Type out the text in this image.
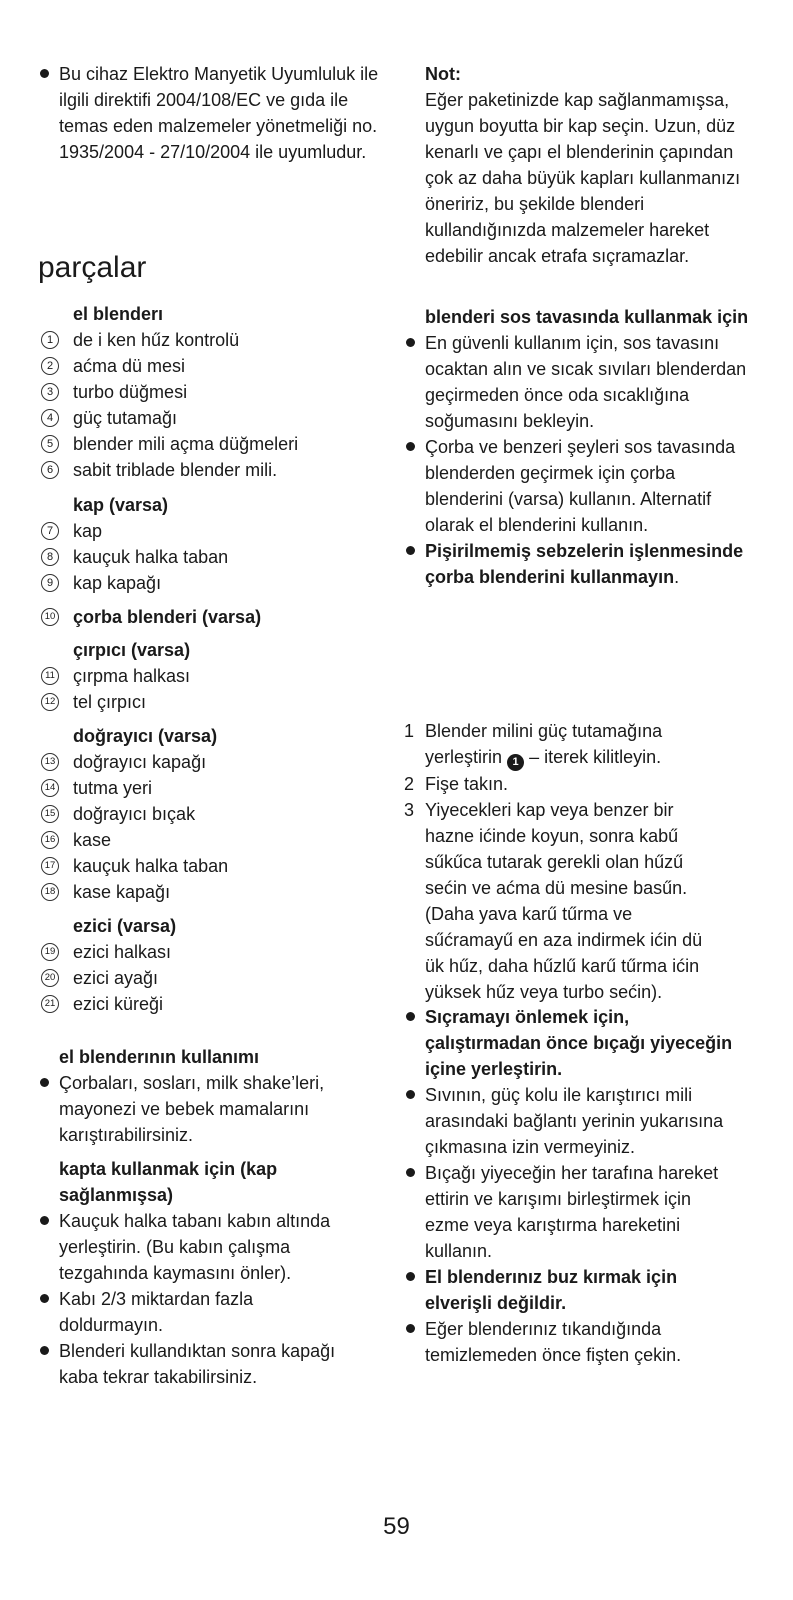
Bu cihaz Elektro Manyetik Uyumluluk ile ilgili direktifi 2004/108/EC ve gıda ile temas eden malzemeler yönetmeliği no. 1935/2004 - 27/10/2004 ile uyumludur.
parçalar
el blenderı
1	de i ken hűz kontrolü
2	aćma dü mesi
3	turbo düğmesi
4	güç tutamağı
5	blender mili açma düğmeleri
6	sabit triblade blender mili.
kap (varsa)
7	kap
8	kauçuk halka taban
9	kap kapağı
10 çorba blenderi (varsa)
çırpıcı (varsa)
11 çırpma halkası
12 tel çırpıcı
doğrayıcı (varsa)
13 doğrayıcı kapağı
14 tutma yeri
15 doğrayıcı bıçak
16 kase
17 kauçuk halka taban
18 kase kapağı
ezici (varsa)
19 ezici halkası
20 ezici ayağı
21 ezici küreği
el blenderının kullanımı
Çorbaları, sosları, milk shake’leri, mayonezi ve bebek mamalarını karıştırabilirsiniz.
kapta kullanmak için (kap sağlanmışsa)
Kauçuk halka tabanı kabın altında yerleştirin. (Bu kabın çalışma tezgahında kaymasını önler).
Kabı 2/3 miktardan fazla doldurmayın.
Blenderi kullandıktan sonra kapağı kaba tekrar takabilirsiniz.
Not:
Eğer paketinizde kap sağlanmamışsa, uygun boyutta bir kap seçin. Uzun, düz kenarlı ve çapı el blenderinin çapından çok az daha büyük kapları kullanmanızı öneririz, bu şekilde blenderi kullandığınızda malzemeler hareket edebilir ancak etrafa sıçramazlar.
blenderi sos tavasında kullanmak için
En güvenli kullanım için, sos tavasını ocaktan alın ve sıcak sıvıları blenderdan geçirmeden önce oda sıcaklığına soğumasını bekleyin.
Çorba ve benzeri şeyleri sos tavasında blenderden geçirmek için çorba blenderini (varsa) kullanın. Alternatif olarak el blenderini kullanın.
Pişirilmemiş sebzelerin işlenmesinde çorba blenderini kullanmayın.
1 Blender milini güç tutamağına yerleştirin 1 – iterek kilitleyin.
2 Fişe takın.
3 Yiyecekleri kap veya benzer bir hazne ićinde koyun, sonra kabű sűkűca tutarak gerekli olan hűzű sećin ve aćma dü mesine basűn. (Daha yava karű tűrma ve sűćramayű en aza indirmek ićin dü ük hűz, daha hűzlű karű tűrma ićin yüksek hűz veya turbo sećin).
Sıçramayı önlemek için, çalıştırmadan önce bıçağı yiyeceğin içine yerleştirin.
Sıvının, güç kolu ile karıştırıcı mili arasındaki bağlantı yerinin yukarısına çıkmasına izin vermeyiniz.
Bıçağı yiyeceğin her tarafına hareket ettirin ve karışımı birleştirmek için ezme veya karıştırma hareketini kullanın.
El blenderınız buz kırmak için elverişli değildir.
Eğer blenderınız tıkandığında temizlemeden önce fişten çekin.
59
